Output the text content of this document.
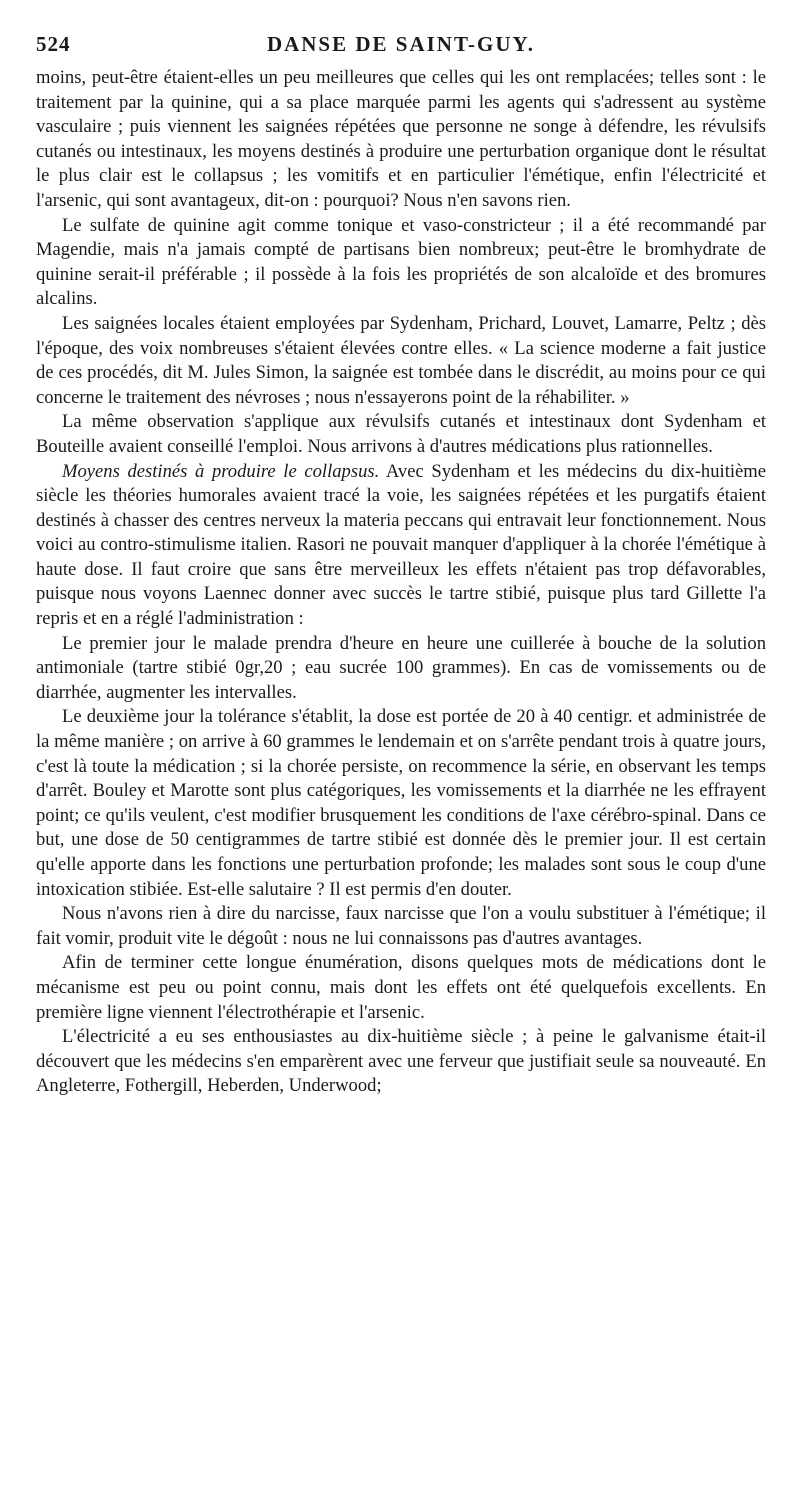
524	DANSE DE SAINT-GUY.

moins, peut-être étaient-elles un peu meilleures que celles qui les ont remplacées; telles sont : le traitement par la quinine, qui a sa place marquée parmi les agents qui s'adressent au système vasculaire ; puis viennent les saignées répétées que personne ne songe à défendre, les révulsifs cutanés ou intestinaux, les moyens destinés à produire une perturbation organique dont le résultat le plus clair est le collapsus ; les vomitifs et en particulier l'émétique, enfin l'électricité et l'arsenic, qui sont avantageux, dit-on : pourquoi? Nous n'en savons rien.

Le sulfate de quinine agit comme tonique et vaso-constricteur ; il a été recommandé par Magendie, mais n'a jamais compté de partisans bien nombreux; peut-être le bromhydrate de quinine serait-il préférable ; il possède à la fois les propriétés de son alcaloïde et des bromures alcalins.

Les saignées locales étaient employées par Sydenham, Prichard, Louvet, Lamarre, Peltz ; dès l'époque, des voix nombreuses s'étaient élevées contre elles. « La science moderne a fait justice de ces procédés, dit M. Jules Simon, la saignée est tombée dans le discrédit, au moins pour ce qui concerne le traitement des névroses ; nous n'essayerons point de la réhabiliter. »

La même observation s'applique aux révulsifs cutanés et intestinaux dont Sydenham et Bouteille avaient conseillé l'emploi. Nous arrivons à d'autres médications plus rationnelles.

Moyens destinés à produire le collapsus. Avec Sydenham et les médecins du dix-huitième siècle les théories humorales avaient tracé la voie, les saignées répétées et les purgatifs étaient destinés à chasser des centres nerveux la materia peccans qui entravait leur fonctionnement. Nous voici au contro-stimulisme italien. Rasori ne pouvait manquer d'appliquer à la chorée l'émétique à haute dose. Il faut croire que sans être merveilleux les effets n'étaient pas trop défavorables, puisque nous voyons Laennec donner avec succès le tartre stibié, puisque plus tard Gillette l'a repris et en a réglé l'administration :

Le premier jour le malade prendra d'heure en heure une cuillerée à bouche de la solution antimoniale (tartre stibié 0gr,20 ; eau sucrée 100 grammes). En cas de vomissements ou de diarrhée, augmenter les intervalles.

Le deuxième jour la tolérance s'établit, la dose est portée de 20 à 40 centigr. et administrée de la même manière ; on arrive à 60 grammes le lendemain et on s'arrête pendant trois à quatre jours, c'est là toute la médication ; si la chorée persiste, on recommence la série, en observant les temps d'arrêt. Bouley et Marotte sont plus catégoriques, les vomissements et la diarrhée ne les effrayent point; ce qu'ils veulent, c'est modifier brusquement les conditions de l'axe cérébro-spinal. Dans ce but, une dose de 50 centigrammes de tartre stibié est donnée dès le premier jour. Il est certain qu'elle apporte dans les fonctions une perturbation profonde; les malades sont sous le coup d'une intoxication stibiée. Est-elle salutaire ? Il est permis d'en douter.

Nous n'avons rien à dire du narcisse, faux narcisse que l'on a voulu substituer à l'émétique; il fait vomir, produit vite le dégoût : nous ne lui connaissons pas d'autres avantages.

Afin de terminer cette longue énumération, disons quelques mots de médications dont le mécanisme est peu ou point connu, mais dont les effets ont été quelquefois excellents. En première ligne viennent l'électrothérapie et l'arsenic.

L'électricité a eu ses enthousiastes au dix-huitième siècle ; à peine le galvanisme était-il découvert que les médecins s'en emparèrent avec une ferveur que justifiait seule sa nouveauté. En Angleterre, Fothergill, Heberden, Underwood;
